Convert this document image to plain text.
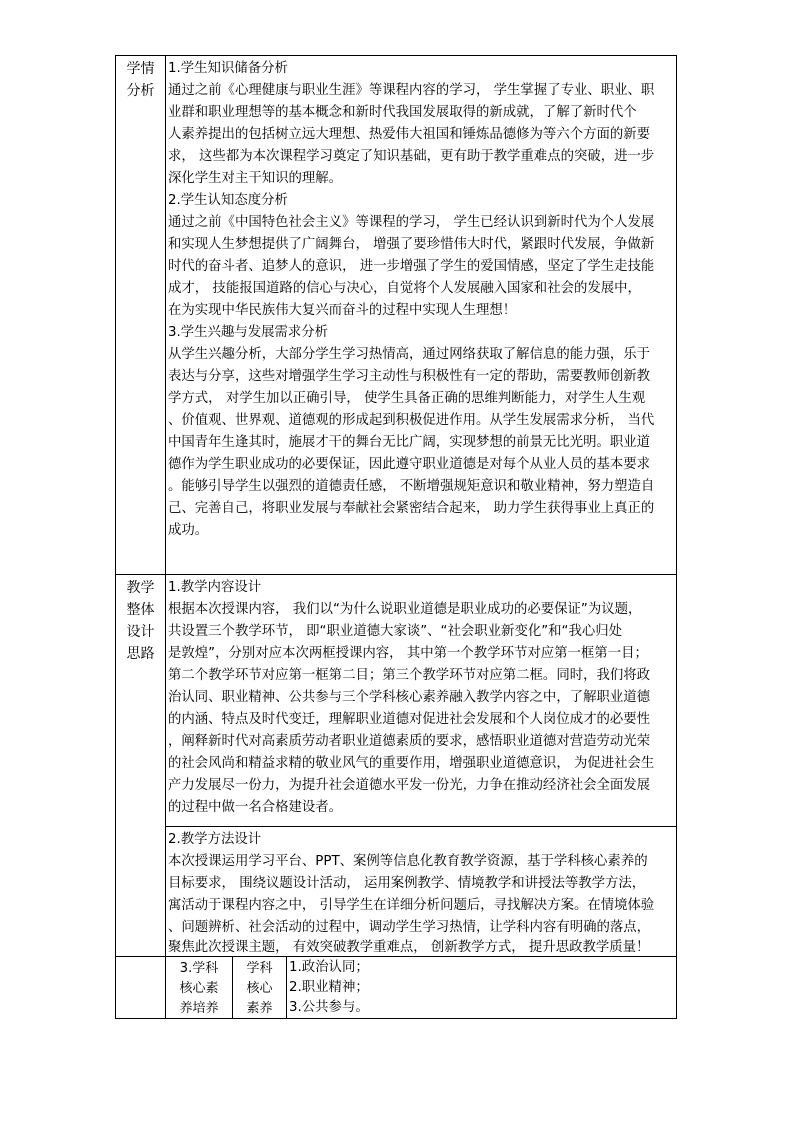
学情
分析
1.学生知识储备分析
通过之前《心理健康与职业生涯》等课程内容的学习， 学生掌握了专业、职业、职
业群和职业理想等的基本概念和新时代我国发展取得的新成就，了解了新时代个
人素养提出的包括树立远大理想、热爱伟大祖国和锤炼品德修为等六个方面的新要
求， 这些都为本次课程学习奠定了知识基础，更有助于教学重难点的突破，进一步
深化学生对主干知识的理解。
2.学生认知态度分析
通过之前《中国特色社会主义》等课程的学习， 学生已经认识到新时代为个人发展
和实现人生梦想提供了广阔舞台， 增强了要珍惜伟大时代，紧跟时代发展，争做新
时代的奋斗者、追梦人的意识， 进一步增强了学生的爱国情感，坚定了学生走技能
成才， 技能报国道路的信心与决心，自觉将个人发展融入国家和社会的发展中，
在为实现中华民族伟大复兴而奋斗的过程中实现人生理想！
3.学生兴趣与发展需求分析
从学生兴趣分析，大部分学生学习热情高，通过网络获取了解信息的能力强，乐于
表达与分享，这些对增强学生学习主动性与积极性有一定的帮助，需要教师创新教
学方式， 对学生加以正确引导， 使学生具备正确的思维判断能力，对学生人生观
、价值观、世界观、道德观的形成起到积极促进作用。从学生发展需求分析， 当代
中国青年生逢其时，施展才干的舞台无比广阔，实现梦想的前景无比光明。职业道
德作为学生职业成功的必要保证，因此遵守职业道德是对每个从业人员的基本要求
。能够引导学生以强烈的道德责任感， 不断增强规矩意识和敬业精神，努力塑造自
己、完善自己，将职业发展与奉献社会紧密结合起来， 助力学生获得事业上真正的
成功。
教学
整体
设计
思路
1.教学内容设计
根据本次授课内容， 我们以“为什么说职业道德是职业成功的必要保证”为议题，
共设置三个教学环节， 即“职业道德大家谈”、“社会职业新变化”和“我心归处
是敦煌”，分别对应本次两框授课内容， 其中第一个教学环节对应第一框第一目；
第二个教学环节对应第一框第二目；第三个教学环节对应第二框。同时，我们将政
治认同、职业精神、公共参与三个学科核心素养融入教学内容之中，了解职业道德
的内涵、特点及时代变迁，理解职业道德对促进社会发展和个人岗位成才的必要性
，阐释新时代对高素质劳动者职业道德素质的要求，感悟职业道德对营造劳动光荣
的社会风尚和精益求精的敬业风气的重要作用，增强职业道德意识， 为促进社会生
产力发展尽一份力，为提升社会道德水平发一份光，力争在推动经济社会全面发展
的过程中做一名合格建设者。
2.教学方法设计
本次授课运用学习平台、PPT、案例等信息化教育教学资源，基于学科核心素养的
目标要求， 围绕议题设计活动， 运用案例教学、情境教学和讲授法等教学方法，
寓活动于课程内容之中， 引导学生在详细分析问题后，寻找解决方案。在情境体验
、问题辨析、社会活动的过程中，调动学生学习热情，让学科内容有明确的落点，
聚焦此次授课主题， 有效突破教学重难点， 创新教学方式， 提升思政教学质量！
3.学科
核心素
养培养
学科
核心
素养
1.政治认同；
2.职业精神；
3.公共参与。
